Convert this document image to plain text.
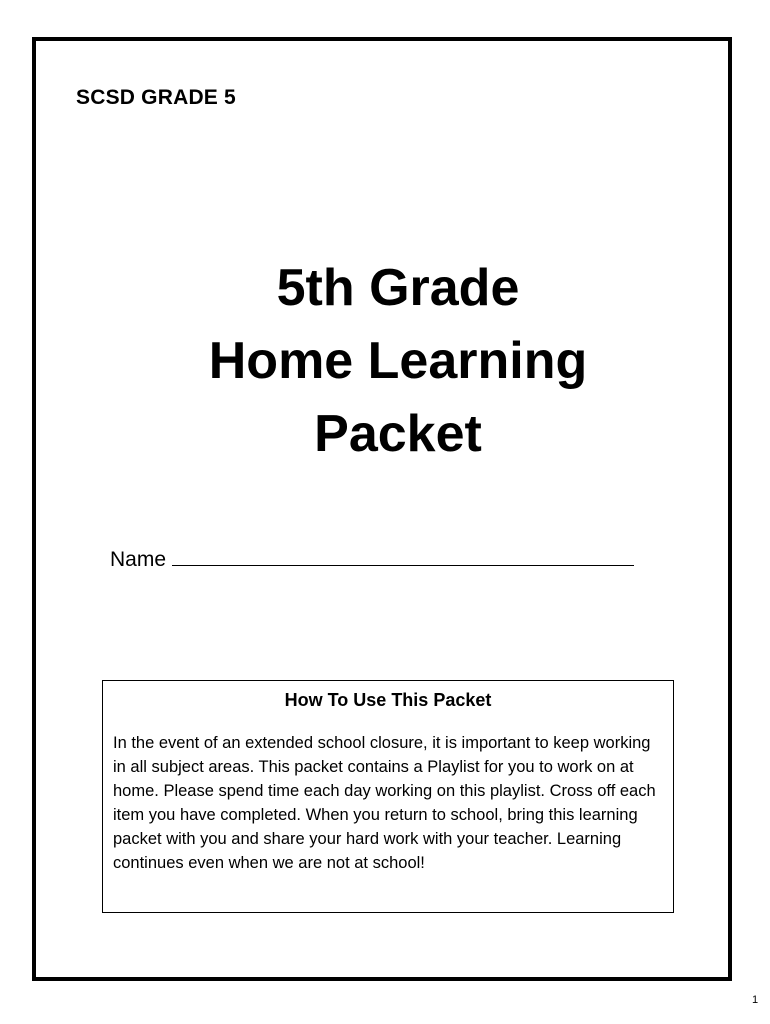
SCSD GRADE 5
5th Grade
Home Learning
Packet
Name
How To Use This Packet
In the event of an extended school closure, it is important to keep working in all subject areas. This packet contains a Playlist for you to work on at home. Please spend time each day working on this playlist. Cross off each item you have completed. When you return to school, bring this learning packet with you and share your hard work with your teacher. Learning continues even when we are not at school!
1
